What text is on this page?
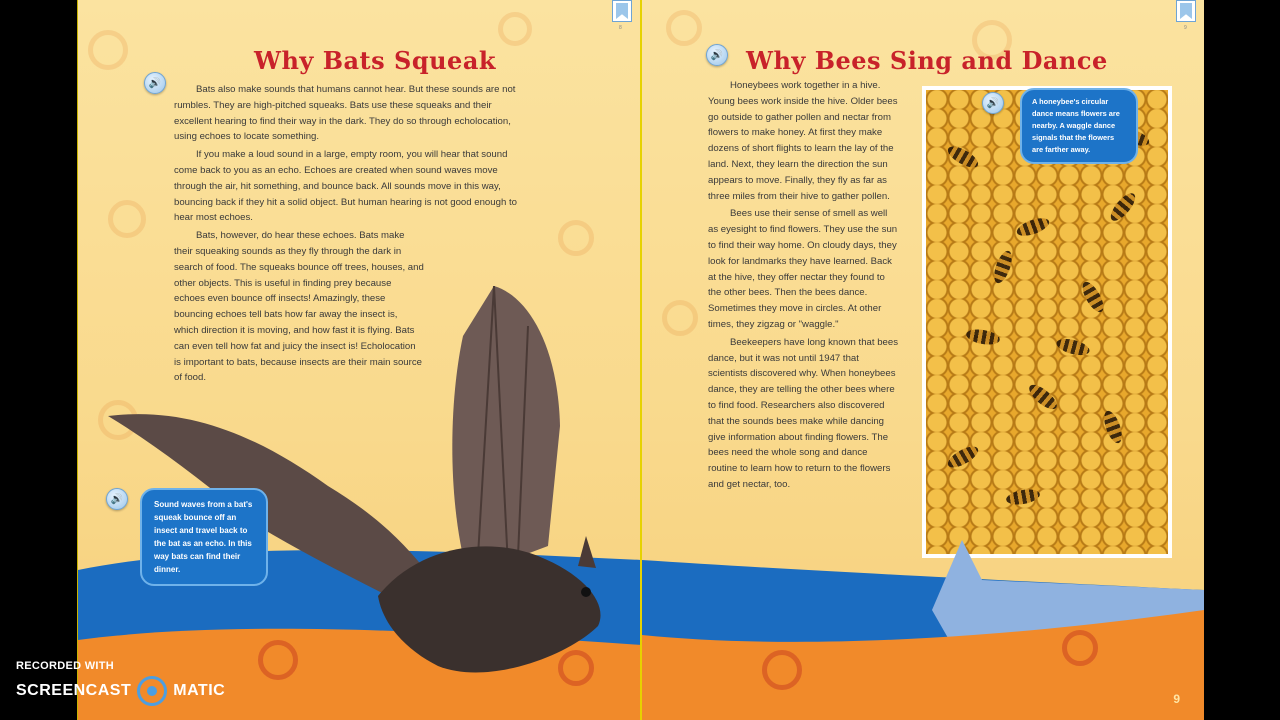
8
Why Bats Squeak
🔊

Bats also make sounds that humans cannot hear. But these sounds are not rumbles. They are high-pitched squeaks. Bats use these squeaks and their excellent hearing to find their way in the dark. They do so through echolocation, using echoes to locate something.

If you make a loud sound in a large, empty room, you will hear that sound come back to you as an echo. Echoes are created when sound waves move through the air, hit something, and bounce back. All sounds move in this way, bouncing back if they hit a solid object. But human hearing is not good enough to hear most echoes.

Bats, however, do hear these echoes. Bats make their squeaking sounds as they fly through the dark in search of food. The squeaks bounce off trees, houses, and other objects. This is useful in finding prey because echoes even bounce off insects! Amazingly, these bouncing echoes tell bats how far away the insect is, which direction it is moving, and how fast it is flying. Bats can even tell how fat and juicy the insect is! Echolocation is important to bats, because insects are their main source of food.

🔊	Sound waves from a bat's squeak bounce off an insect and travel back to the bat as an echo. In this way bats can find their dinner.
9
🔊 Why Bees Sing and Dance

Honeybees work together in a hive. Young bees work inside the hive. Older bees go outside to gather pollen and nectar from flowers to make honey. At first they make dozens of short flights to learn the lay of the land. Next, they learn the direction the sun appears to move. Finally, they fly as far as three miles from their hive to gather pollen.

Bees use their sense of smell as well as eyesight to find flowers. They use the sun to find their way home. On cloudy days, they look for landmarks they have learned. Back at the hive, they offer nectar they found to the other bees. Then the bees dance. Sometimes they move in circles. At other times, they zigzag or "waggle."

Beekeepers have long known that bees dance, but it was not until 1947 that scientists discovered why. When honeybees dance, they are telling the other bees where to find food. Researchers also discovered that the sounds bees make while dancing give information about finding flowers. The bees need the whole song and dance routine to learn how to return to the flowers and get nectar, too.

🔊	A honeybee's circular dance means flowers are nearby. A waggle dance signals that the flowers are farther away.
9
RECORDED WITH
SCREENCAST	MATIC
